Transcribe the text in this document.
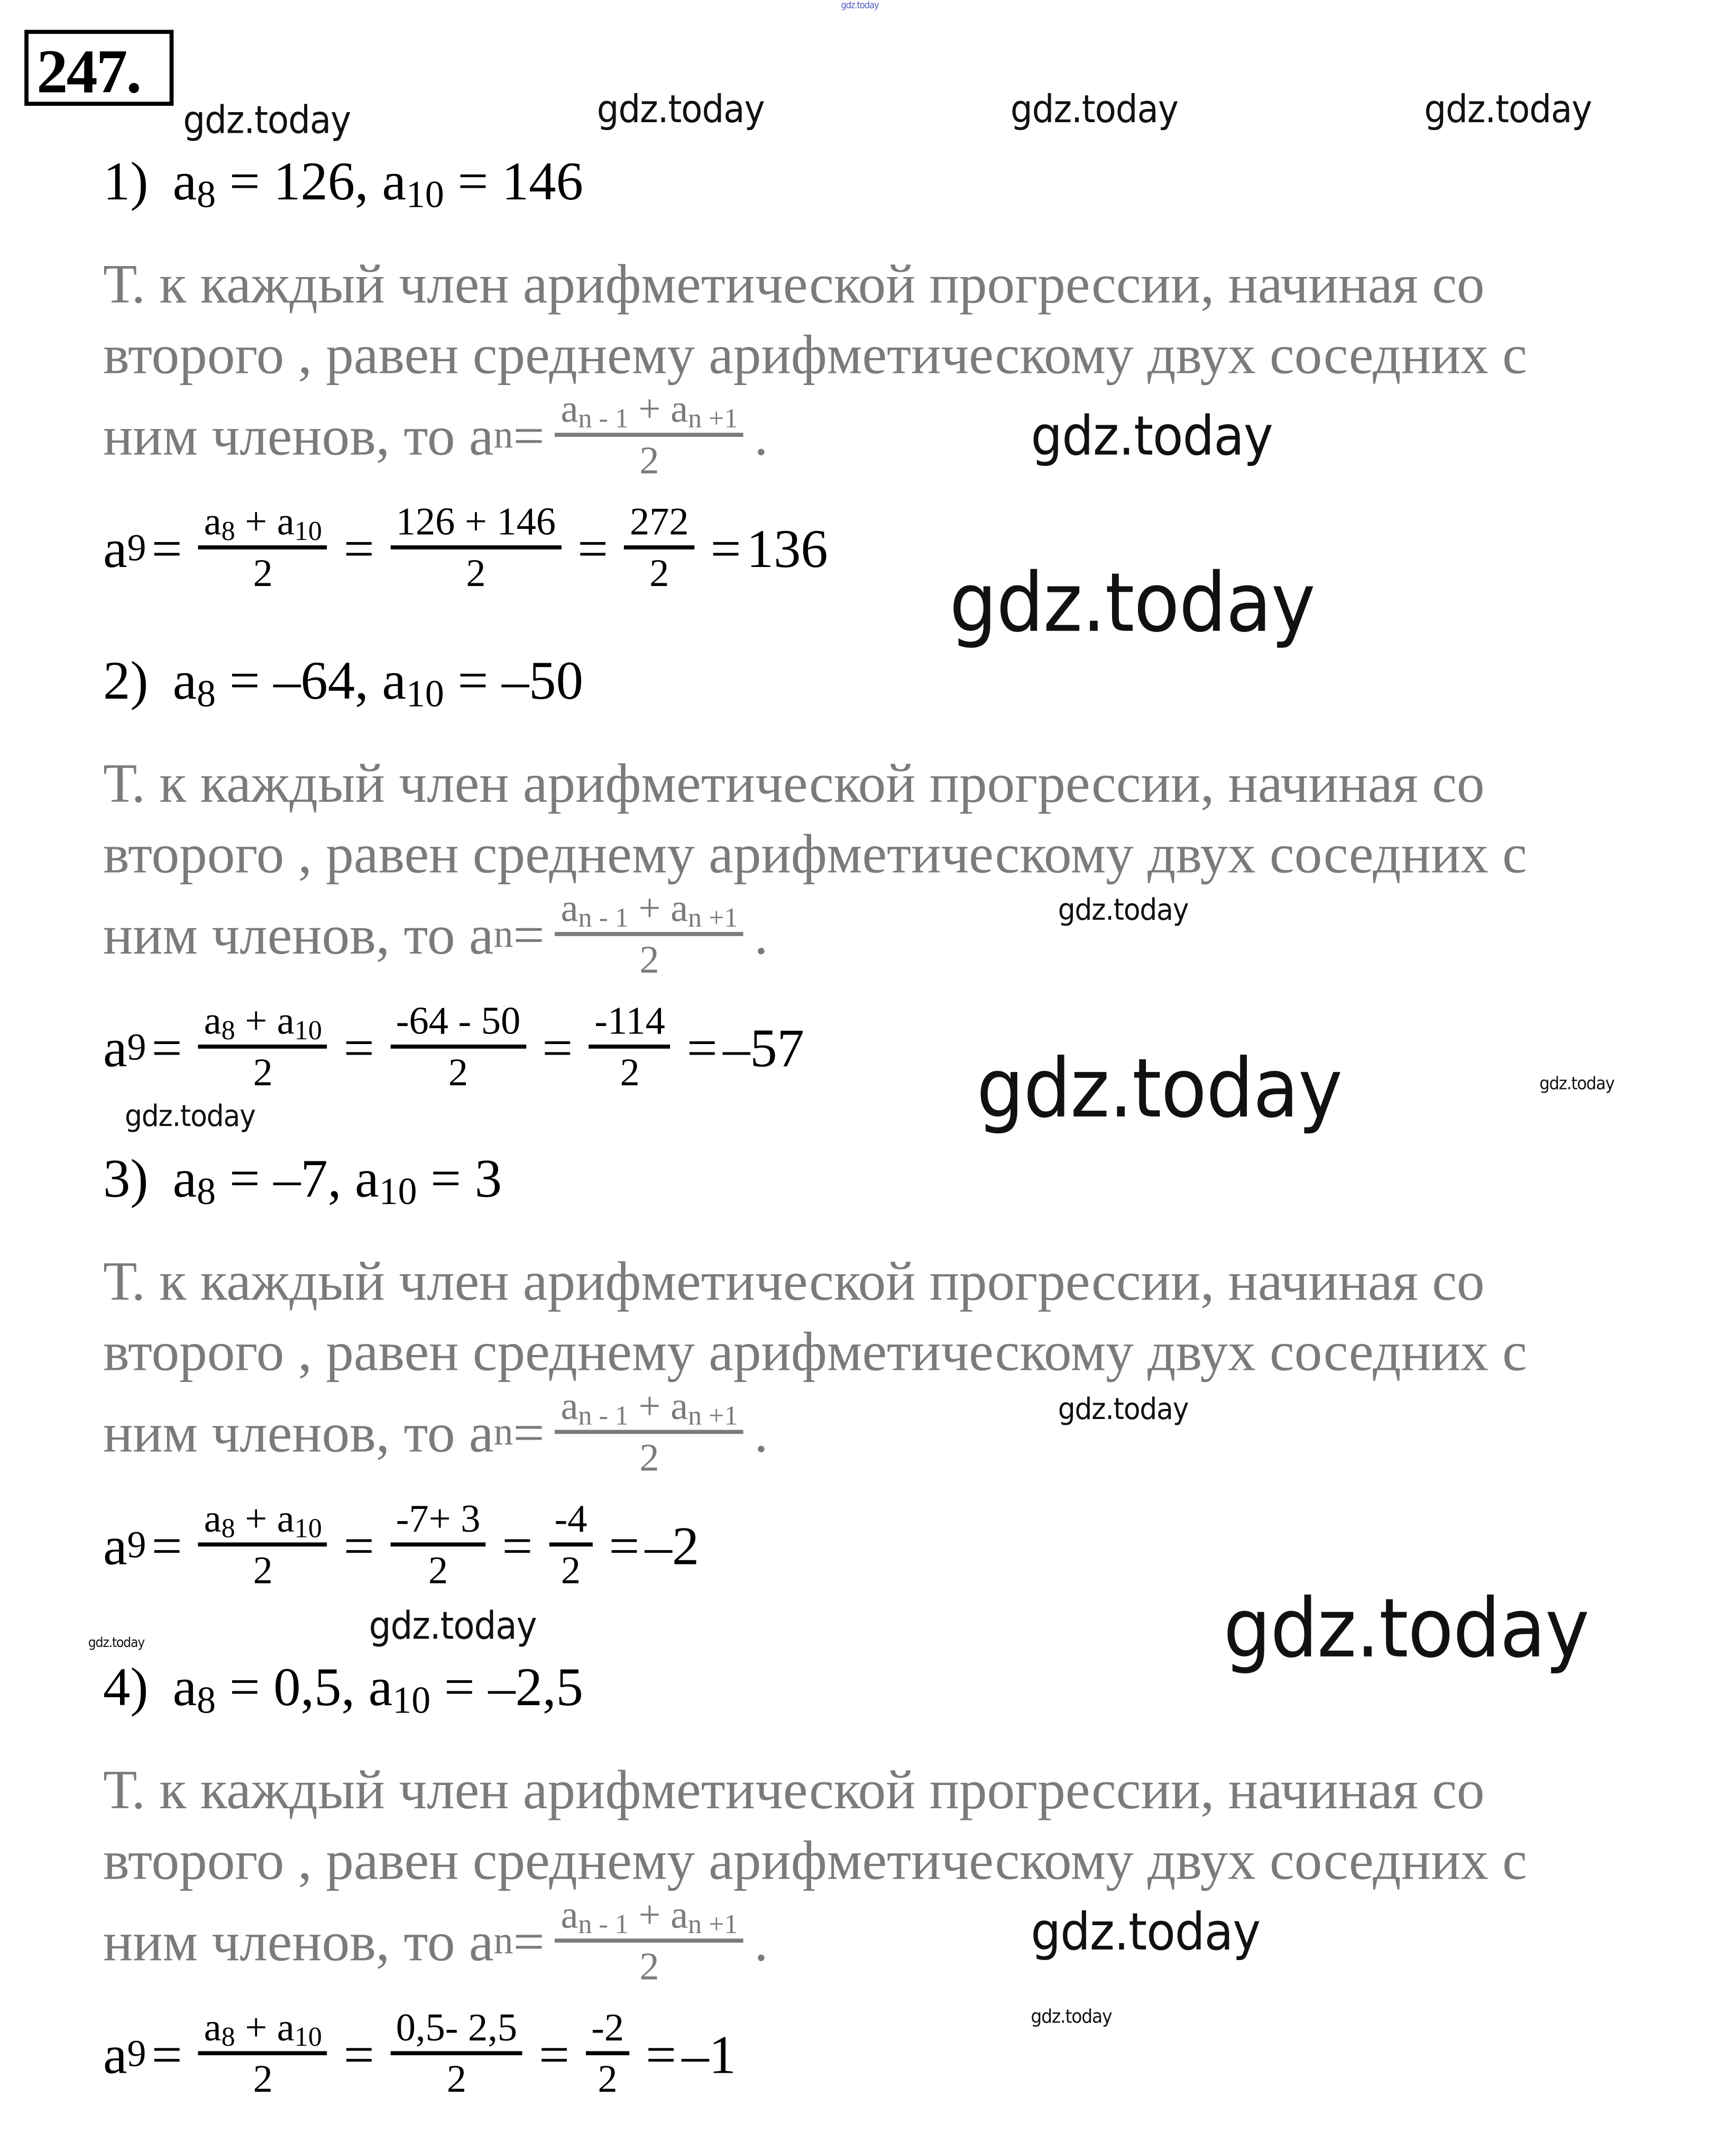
247.
1) $a_8 = 126$, $a_{10} = 146$
Т. к каждый член арифметической прогрессии, начиная со
второго , равен среднему арифметическому двух соседних с
ним членов, то a $n = \frac{a_{n - 1} + a_{n +1}}{2}$ .
a $9 = \frac{a_8 + a_{10}}{2} = \frac{126 + 146}{2} = \frac{272}{2} = 136$
2) $a_8 = -64$, $a_{10} = -50$
Т. к каждый член арифметической прогрессии, начиная со
второго , равен среднему арифметическому двух соседних с
ним членов, то a $n = \frac{a_{n - 1} + a_{n +1}}{2}$ .
a $9 = \frac{a_8 + a_{10}}{2} = \frac{-64 - 50}{2} = \frac{-114}{2} = -57$
3) $a_8 = -7$, $a_{10} = 3$
Т. к каждый член арифметической прогрессии, начиная со
второго , равен среднему арифметическому двух соседних с
ним членов, то a $n = \frac{a_{n - 1} + a_{n +1}}{2}$ .
a $9 = \frac{a_8 + a_{10}}{2} = \frac{-7+ 3}{2} = \frac{-4}{2} = -2$
4) $a_8 = 0,5$, $a_{10} = -2,5$
Т. к каждый член арифметической прогрессии, начиная со
второго , равен среднему арифметическому двух соседних с
ним членов, то a $n = \frac{a_{n - 1} + a_{n +1}}{2}$ .
a $9 = \frac{a_8 + a_{10}}{2} = \frac{0,5- 2,5}{2} = \frac{-2}{2} = -1$
gdz.today
gdz.today	gdz.today	gdz.today	gdz.today
gdz.today
gdz.today
gdz.today
gdz.today	gdz.today
gdz.today
gdz.today
gdz.today
gdz.today	gdz.today
gdz.today
gdz.today
